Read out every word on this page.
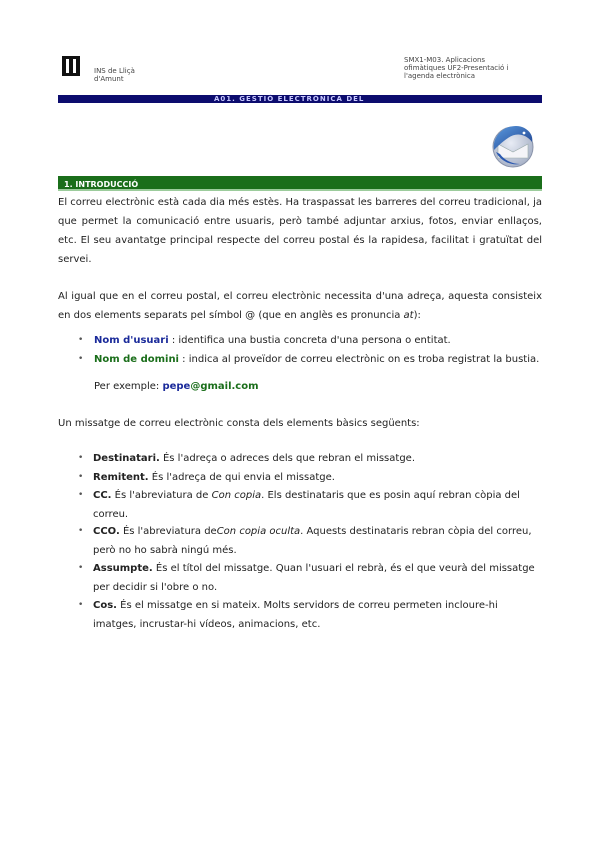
INS de Lliçà
d'Amunt
SMX1-M03. Aplicacions
ofimàtiques UF2-Presentació i
l'agenda electrònica
A01. GESTIÓ ELECTRÒNICA DEL
1. INTRODUCCIÓ

El correu electrònic està cada dia més estès. Ha traspassat les barreres del correu tradicional, ja que permet la comunicació entre usuaris, però també adjuntar arxius, fotos, enviar enllaços, etc. El seu avantatge principal respecte del correu postal és la rapidesa, facilitat i gratuïtat del servei.

Al igual que en el correu postal, el correu electrònic necessita d'una adreça, aquesta consisteix en dos elements separats pel símbol @ (que en anglès es pronuncia at):

• Nom d'usuari : identifica una bustia concreta d'una persona o entitat.
• Nom de domini : indica al proveïdor de correu electrònic on es troba registrat la bustia.
Per exemple: pepe@gmail.com

Un missatge de correu electrònic consta dels elements bàsics següents:

• Destinatari. És l'adreça o adreces dels que rebran el missatge.
• Remitent. És l'adreça de qui envia el missatge.
• CC. És l'abreviatura de Con copia. Els destinataris que es posin aquí rebran còpia del correu.
• CCO. És l'abreviatura deCon copia oculta. Aquests destinataris rebran còpia del correu, però no ho sabrà ningú més.
• Assumpte. És el títol del missatge. Quan l'usuari el rebrà, és el que veurà del missatge per decidir si l'obre o no.
• Cos. És el missatge en si mateix. Molts servidors de correu permeten incloure-hi imatges, incrustar-hi vídeos, animacions, etc.
